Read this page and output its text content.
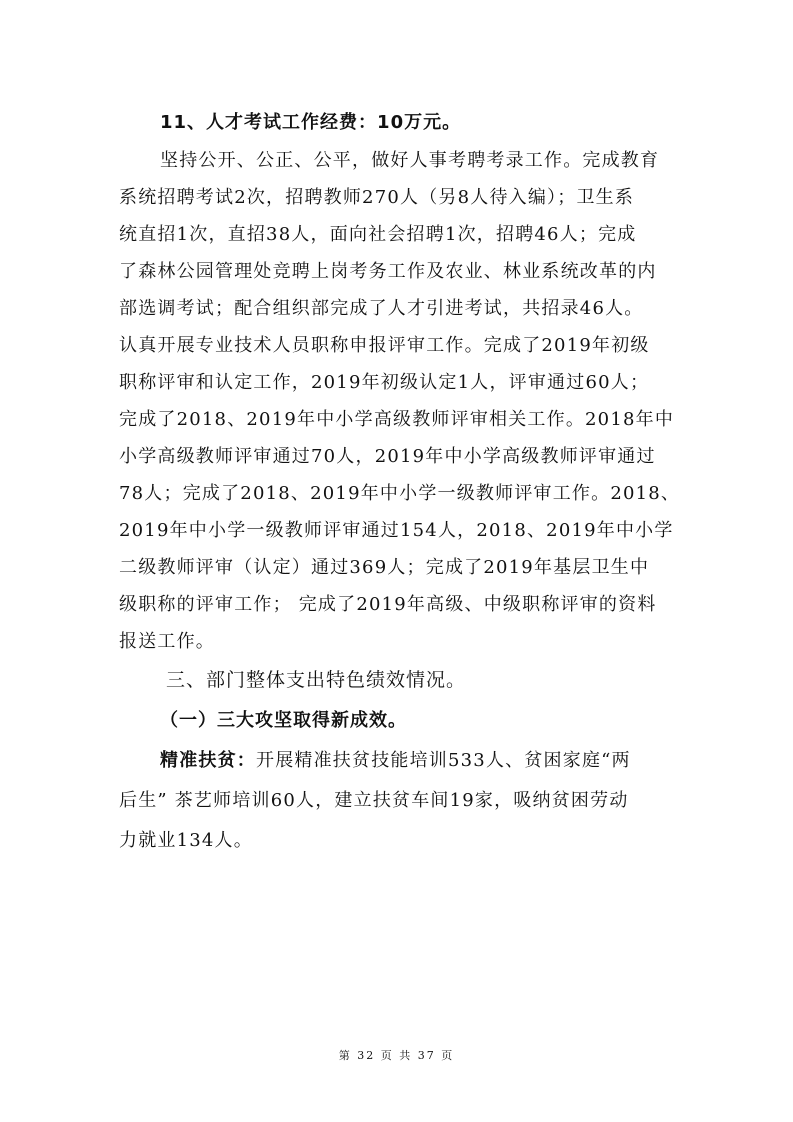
11、人才考试工作经费：10万元。
坚持公开、公正、公平，做好人事考聘考录工作。完成教育
系统招聘考试2次，招聘教师270人（另8人待入编）；卫生系
统直招1次，直招38人，面向社会招聘1次，招聘46人；完成
了森林公园管理处竞聘上岗考务工作及农业、林业系统改革的内
部选调考试；配合组织部完成了人才引进考试，共招录46人。
认真开展专业技术人员职称申报评审工作。完成了2019年初级
职称评审和认定工作，2019年初级认定1人，评审通过60人；
完成了2018、2019年中小学高级教师评审相关工作。2018年中
小学高级教师评审通过70人，2019年中小学高级教师评审通过
78人；完成了2018、2019年中小学一级教师评审工作。2018、
2019年中小学一级教师评审通过154人，2018、2019年中小学
二级教师评审（认定）通过369人；完成了2019年基层卫生中
级职称的评审工作； 完成了2019年高级、中级职称评审的资料
报送工作。
三、部门整体支出特色绩效情况。
（一）三大攻坚取得新成效。
精准扶贫：开展精准扶贫技能培训533人、贫困家庭“两
后生” 茶艺师培训60人，建立扶贫车间19家，吸纳贫困劳动
力就业134人。
第 32 页 共 37 页
